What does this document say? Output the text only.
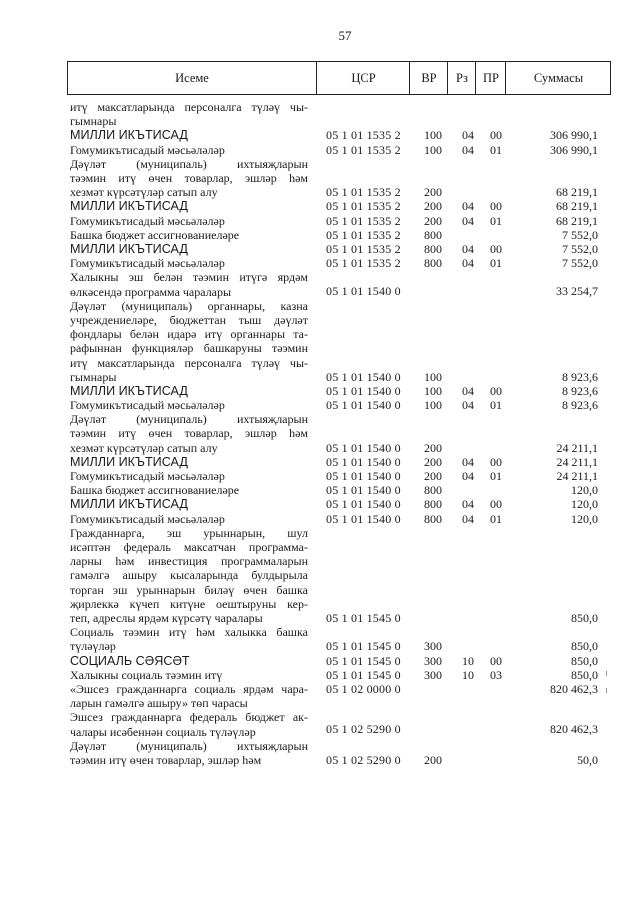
57
Исеме	ЦСР	ВР	Рз	ПР	Суммасы
итү максатларында персоналга түләү чы-
гымнары
МИЛЛИ ИКЪТИСАД	05 1 01 1535 2	100	04	00	306 990,1
Гомумикътисадый мәсьәләләр	05 1 01 1535 2	100	04	01	306 990,1
Дәүләт (муниципаль) ихтыяҗларын
тәэмин итү өчен товарлар, эшләр һәм
хезмәт күрсәтүләр сатып алу	05 1 01 1535 2	200	68 219,1
МИЛЛИ ИКЪТИСАД	05 1 01 1535 2	200	04	00	68 219,1
Гомумикътисадый мәсьәләләр	05 1 01 1535 2	200	04	01	68 219,1
Башка бюджет ассигнованиеләре	05 1 01 1535 2	800	7 552,0
МИЛЛИ ИКЪТИСАД	05 1 01 1535 2	800	04	00	7 552,0
Гомумикътисадый мәсьәләләр	05 1 01 1535 2	800	04	01	7 552,0
Халыкны эш белән тәэмин итүгә ярдәм
өлкәсендә программа чаралары	05 1 01 1540 0	33 254,7
Дәүләт (муниципаль) органнары, казна
учреждениеләре, бюджеттан тыш дәүләт
фондлары белән идарә итү органнары та-
рафыннан функцияләр башкаруны тәэмин
итү максатларында персоналга түләү чы-
гымнары	05 1 01 1540 0	100	8 923,6
МИЛЛИ ИКЪТИСАД	05 1 01 1540 0	100	04	00	8 923,6
Гомумикътисадый мәсьәләләр	05 1 01 1540 0	100	04	01	8 923,6
Дәүләт (муниципаль) ихтыяҗларын
тәэмин итү өчен товарлар, эшләр һәм
хезмәт күрсәтүләр сатып алу	05 1 01 1540 0	200	24 211,1
МИЛЛИ ИКЪТИСАД	05 1 01 1540 0	200	04	00	24 211,1
Гомумикътисадый мәсьәләләр	05 1 01 1540 0	200	04	01	24 211,1
Башка бюджет ассигнованиеләре	05 1 01 1540 0	800	120,0
МИЛЛИ ИКЪТИСАД	05 1 01 1540 0	800	04	00	120,0
Гомумикътисадый мәсьәләләр	05 1 01 1540 0	800	04	01	120,0
Гражданнарга, эш урыннарын, шул
исәптән федераль максатчан программа-
ларны һәм инвестиция программаларын
гамәлгә ашыру кысаларында булдырыла
торган эш урыннарын биләү өчен башка
җирлеккә күчеп китүне оештыруны кер-
теп, адреслы ярдәм күрсәтү чаралары	05 1 01 1545 0	850,0
Социаль тәэмин итү һәм халыкка башка
түләүләр	05 1 01 1545 0	300	850,0
СОЦИАЛЬ СӘЯСӘТ	05 1 01 1545 0	300	10	00	850,0
Халыкны социаль тәэмин итү	05 1 01 1545 0	300	10	03	850,0
«Эшсез гражданнарга социаль ярдәм чара-
ларын гамәлгә ашыру» төп чарасы
05 1 02 0000 0	820 462,3
Эшсез гражданнарга федераль бюджет ак-
чалары исәбеннән социаль түләүләр	05 1 02 5290 0	820 462,3
Дәүләт (муниципаль) ихтыяҗларын
тәэмин итү өчен товарлар, эшләр һәм	05 1 02 5290 0	200	50,0
